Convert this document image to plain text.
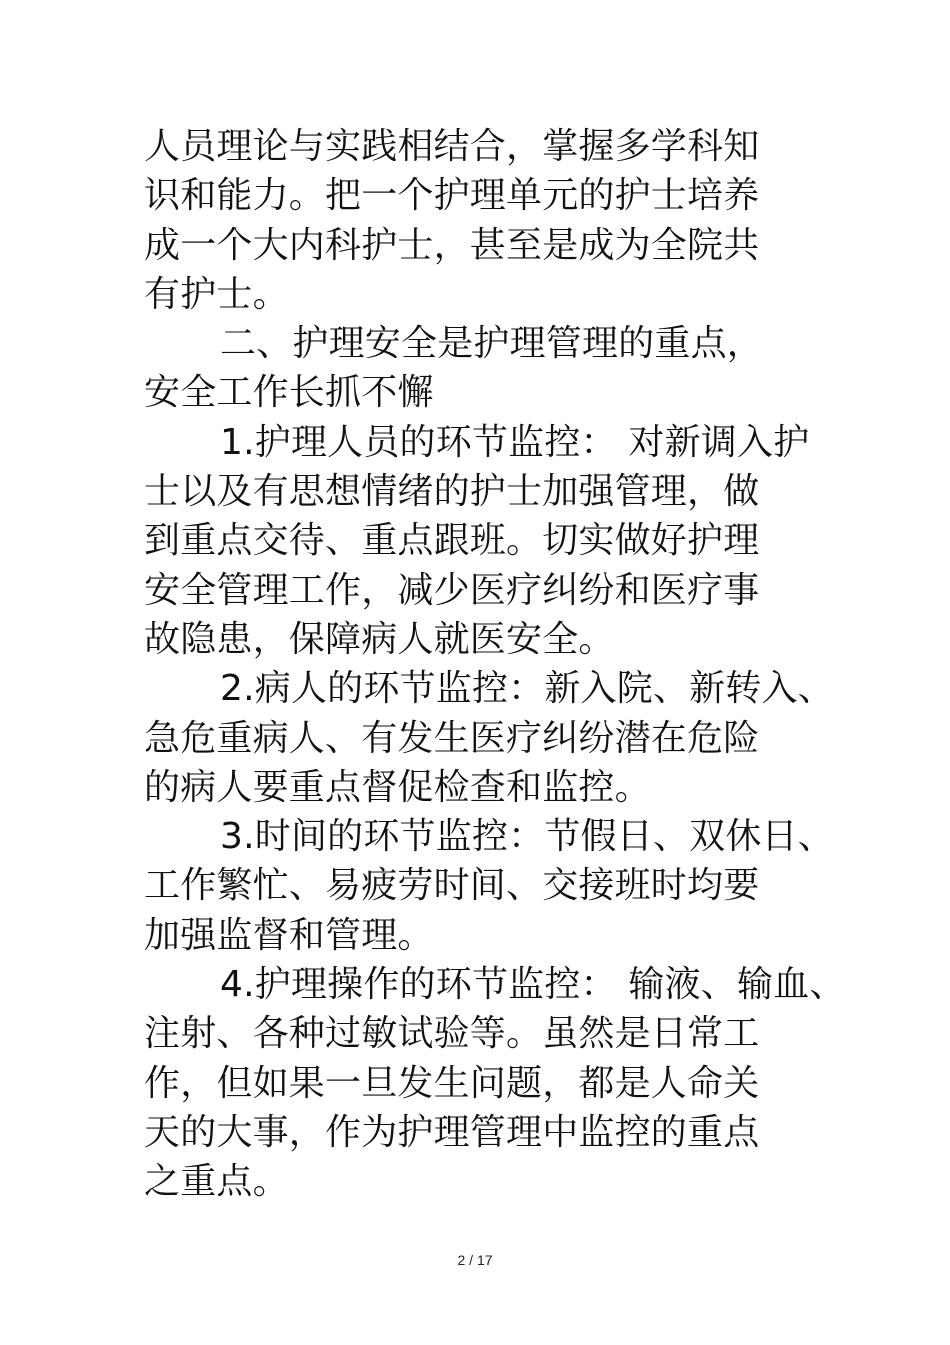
人员理论与实践相结合，掌握多学科知
识和能力。把一个护理单元的护士培养
成一个大内科护士，甚至是成为全院共
有护士。
二、护理安全是护理管理的重点，
安全工作长抓不懈
1.护理人员的环节监控： 对新调入护
士以及有思想情绪的护士加强管理，做
到重点交待、重点跟班。切实做好护理
安全管理工作，减少医疗纠纷和医疗事
故隐患，保障病人就医安全。
2.病人的环节监控：新入院、新转入、
急危重病人、有发生医疗纠纷潜在危险
的病人要重点督促检查和监控。
3.时间的环节监控：节假日、双休日、
工作繁忙、易疲劳时间、交接班时均要
加强监督和管理。
4.护理操作的环节监控： 输液、输血、
注射、各种过敏试验等。虽然是日常工
作，但如果一旦发生问题，都是人命关
天的大事，作为护理管理中监控的重点
之重点。
2 / 17
